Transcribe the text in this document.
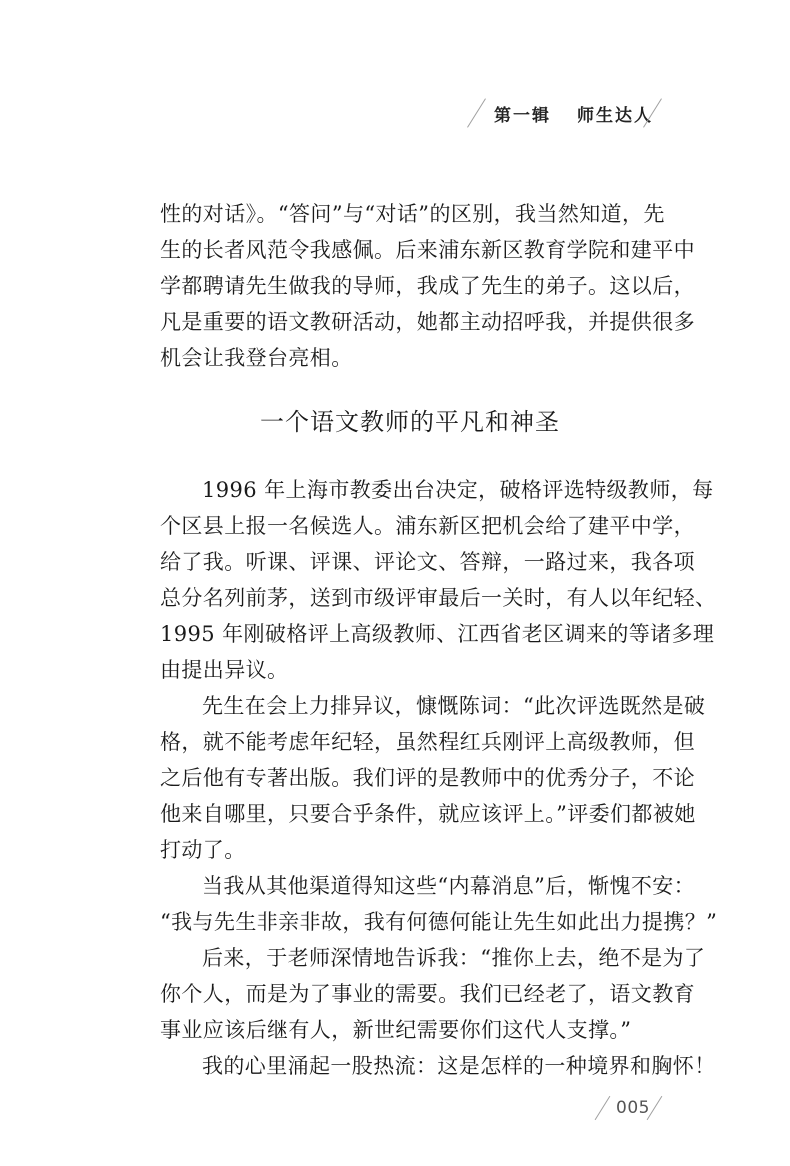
第一辑 师生达人
性的对话》。“答问”与“对话”的区别，我当然知道，先
生的长者风范令我感佩。后来浦东新区教育学院和建平中
学都聘请先生做我的导师，我成了先生的弟子。这以后，
凡是重要的语文教研活动，她都主动招呼我，并提供很多
机会让我登台亮相。
一个语文教师的平凡和神圣
1996 年上海市教委出台决定，破格评选特级教师，每
个区县上报一名候选人。浦东新区把机会给了建平中学，
给了我。听课、评课、评论文、答辩，一路过来，我各项
总分名列前茅，送到市级评审最后一关时，有人以年纪轻、
1995 年刚破格评上高级教师、江西省老区调来的等诸多理
由提出异议。
先生在会上力排异议，慷慨陈词：“此次评选既然是破
格，就不能考虑年纪轻，虽然程红兵刚评上高级教师，但
之后他有专著出版。我们评的是教师中的优秀分子，不论
他来自哪里，只要合乎条件，就应该评上。”评委们都被她
打动了。
当我从其他渠道得知这些“内幕消息”后，惭愧不安：
“我与先生非亲非故，我有何德何能让先生如此出力提携？”
后来，于老师深情地告诉我：“推你上去，绝不是为了
你个人，而是为了事业的需要。我们已经老了，语文教育
事业应该后继有人，新世纪需要你们这代人支撑。”
我的心里涌起一股热流：这是怎样的一种境界和胸怀！
005
